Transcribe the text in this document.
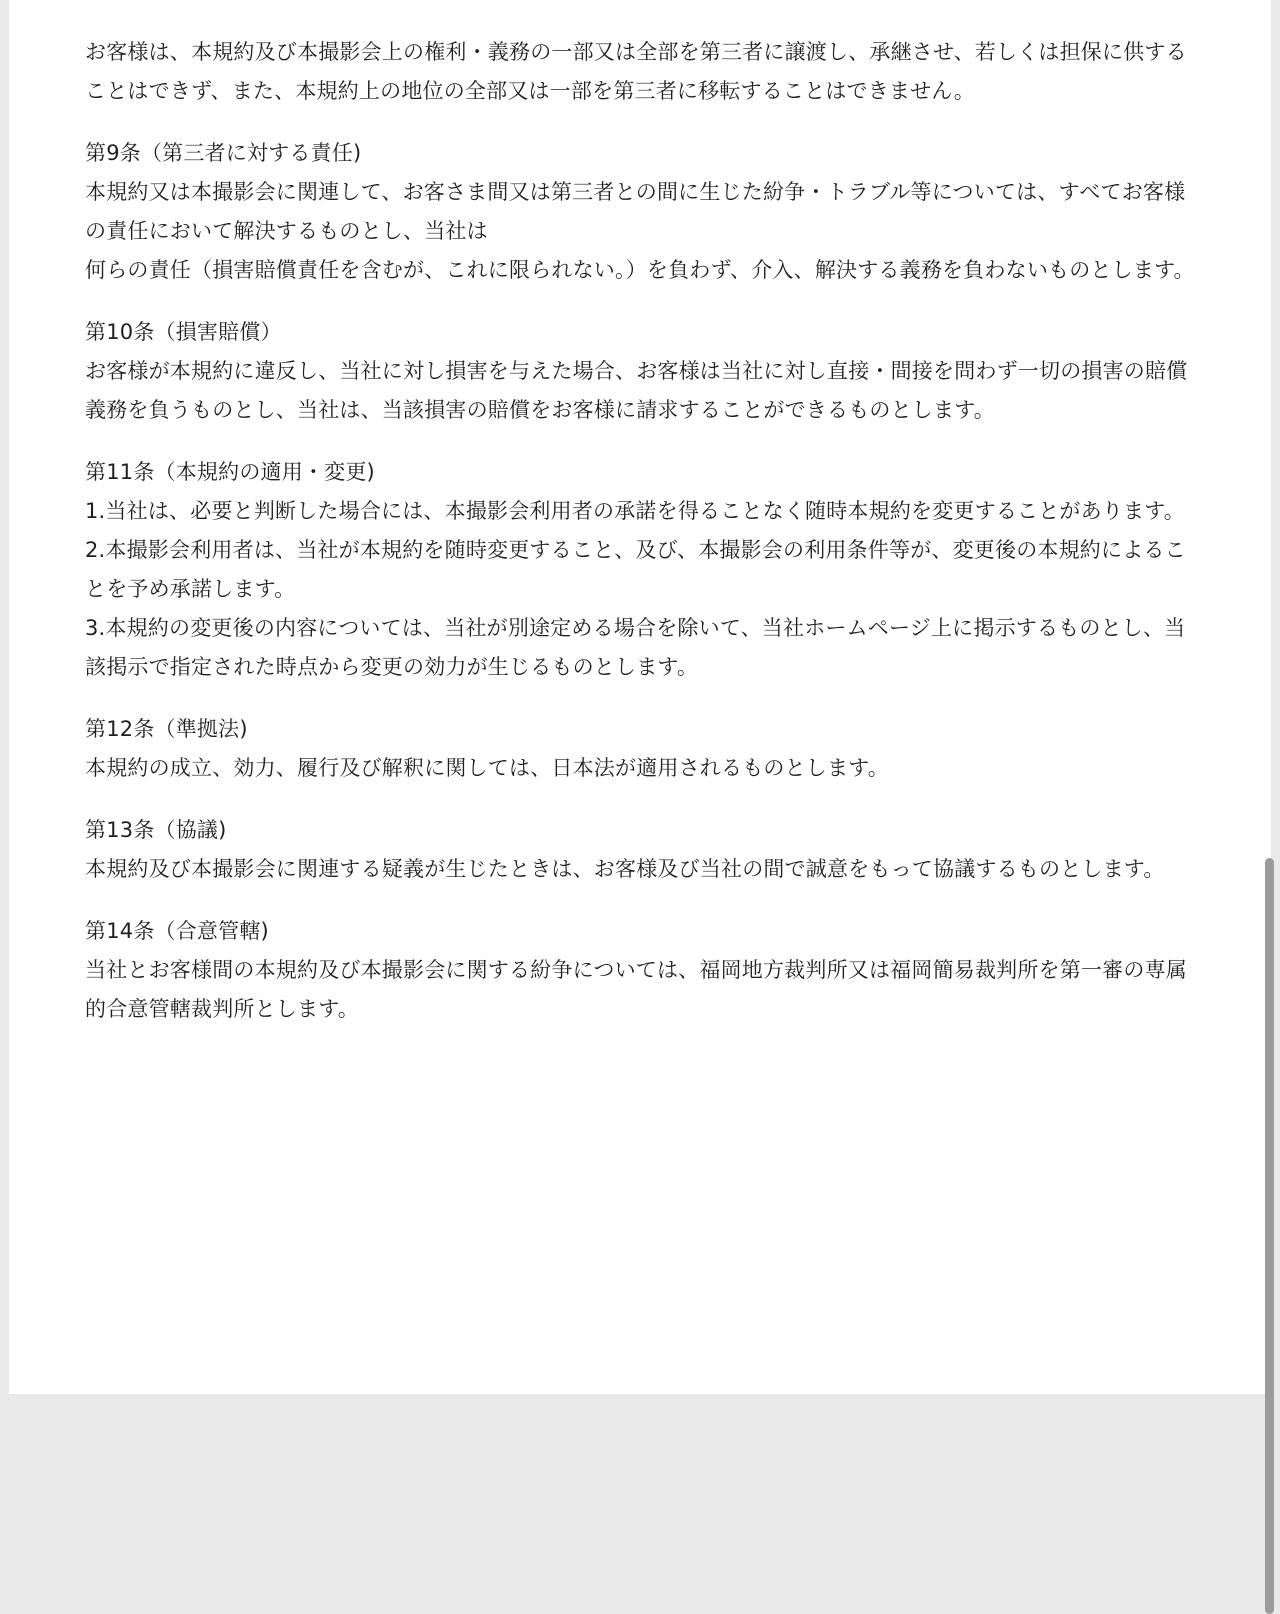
お客様は、本規約及び本撮影会上の権利・義務の一部又は全部を第三者に譲渡し、承継させ、若しくは担保に供することはできず、また、本規約上の地位の全部又は一部を第三者に移転することはできません。

第9条（第三者に対する責任)

本規約又は本撮影会に関連して、お客さま間又は第三者との間に生じた紛争・トラブル等については、すべてお客様の責任において解決するものとし、当社は

何らの責任（損害賠償責任を含むが、これに限られない。）を負わず、介入、解決する義務を負わないものとします。

第10条（損害賠償）

お客様が本規約に違反し、当社に対し損害を与えた場合、お客様は当社に対し直接・間接を問わず一切の損害の賠償義務を負うものとし、当社は、当該損害の賠償をお客様に請求することができるものとします。

第11条（本規約の適用・変更)

1.当社は、必要と判断した場合には、本撮影会利用者の承諾を得ることなく随時本規約を変更することがあります。

2.本撮影会利用者は、当社が本規約を随時変更すること、及び、本撮影会の利用条件等が、変更後の本規約によることを予め承諾します。

3.本規約の変更後の内容については、当社が別途定める場合を除いて、当社ホームページ上に掲示するものとし、当該掲示で指定された時点から変更の効力が生じるものとします。

第12条（準拠法)

本規約の成立、効力、履行及び解釈に関しては、日本法が適用されるものとします。

第13条（協議)

本規約及び本撮影会に関連する疑義が生じたときは、お客様及び当社の間で誠意をもって協議するものとします。

第14条（合意管轄)

当社とお客様間の本規約及び本撮影会に関する紛争については、福岡地方裁判所又は福岡簡易裁判所を第一審の専属的合意管轄裁判所とします。
